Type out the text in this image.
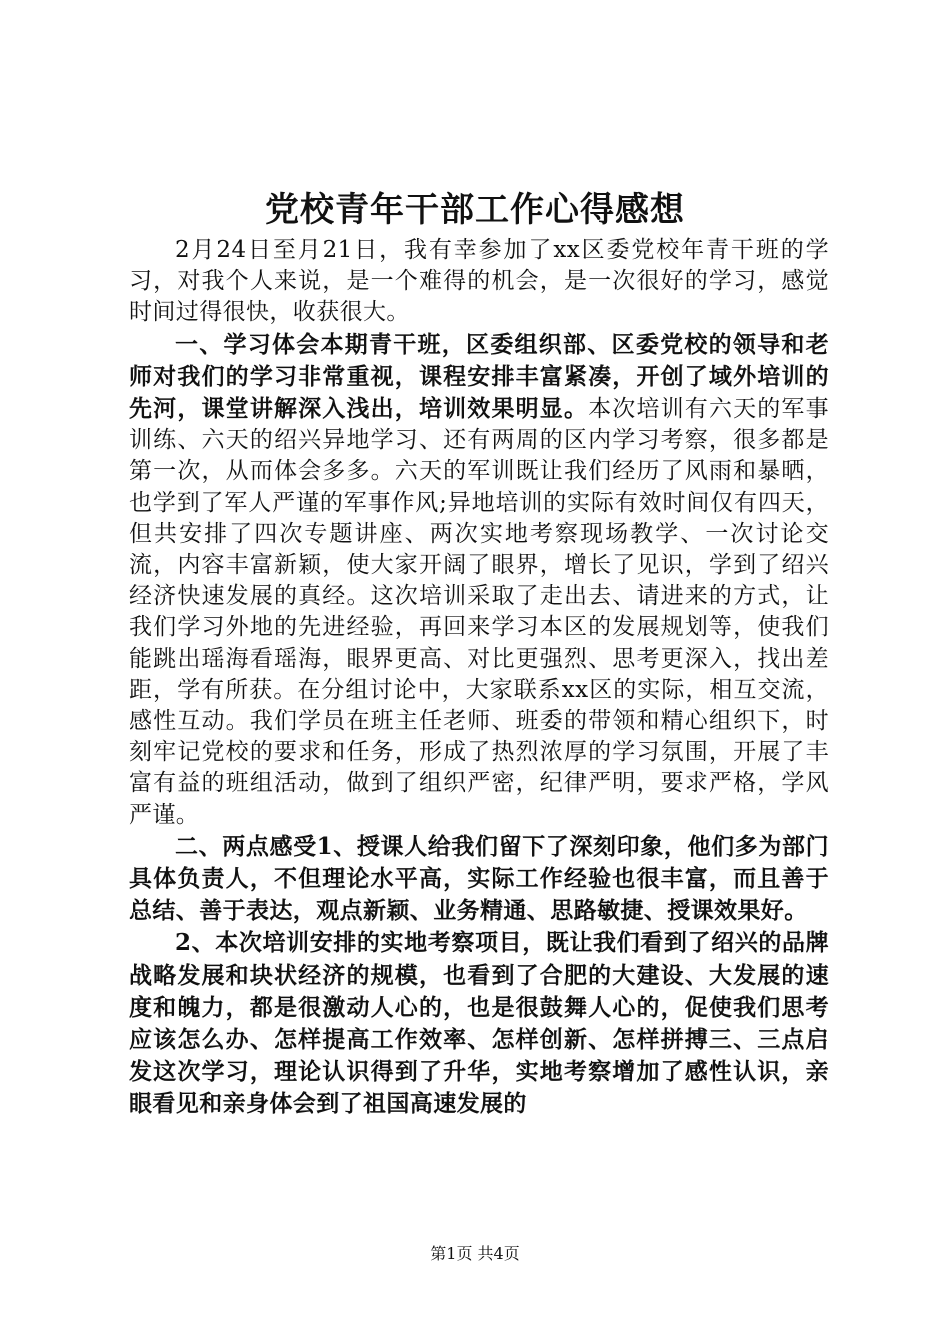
党校青年干部工作心得感想

2月24日至月21日，我有幸参加了xx区委党校年青干班的学习，对我个人来说，是一个难得的机会，是一次很好的学习，感觉时间过得很快，收获很大。

一、学习体会本期青干班，区委组织部、区委党校的领导和老师对我们的学习非常重视，课程安排丰富紧凑，开创了域外培训的先河，课堂讲解深入浅出，培训效果明显。本次培训有六天的军事训练、六天的绍兴异地学习、还有两周的区内学习考察，很多都是第一次，从而体会多多。六天的军训既让我们经历了风雨和暴晒，也学到了军人严谨的军事作风;异地培训的实际有效时间仅有四天，但共安排了四次专题讲座、两次实地考察现场教学、一次讨论交流，内容丰富新颖，使大家开阔了眼界，增长了见识，学到了绍兴经济快速发展的真经。这次培训采取了走出去、请进来的方式，让我们学习外地的先进经验，再回来学习本区的发展规划等，使我们能跳出瑶海看瑶海，眼界更高、对比更强烈、思考更深入，找出差距，学有所获。在分组讨论中，大家联系xx区的实际，相互交流，感性互动。我们学员在班主任老师、班委的带领和精心组织下，时刻牢记党校的要求和任务，形成了热烈浓厚的学习氛围，开展了丰富有益的班组活动，做到了组织严密，纪律严明，要求严格，学风严谨。

二、两点感受1、授课人给我们留下了深刻印象，他们多为部门具体负责人，不但理论水平高，实际工作经验也很丰富，而且善于总结、善于表达，观点新颖、业务精通、思路敏捷、授课效果好。

2、本次培训安排的实地考察项目，既让我们看到了绍兴的品牌战略发展和块状经济的规模，也看到了合肥的大建设、大发展的速度和魄力，都是很激动人心的，也是很鼓舞人心的，促使我们思考应该怎么办、怎样提高工作效率、怎样创新、怎样拼搏三、三点启发这次学习，理论认识得到了升华，实地考察增加了感性认识，亲眼看见和亲身体会到了祖国高速发展的

第1页 共4页
